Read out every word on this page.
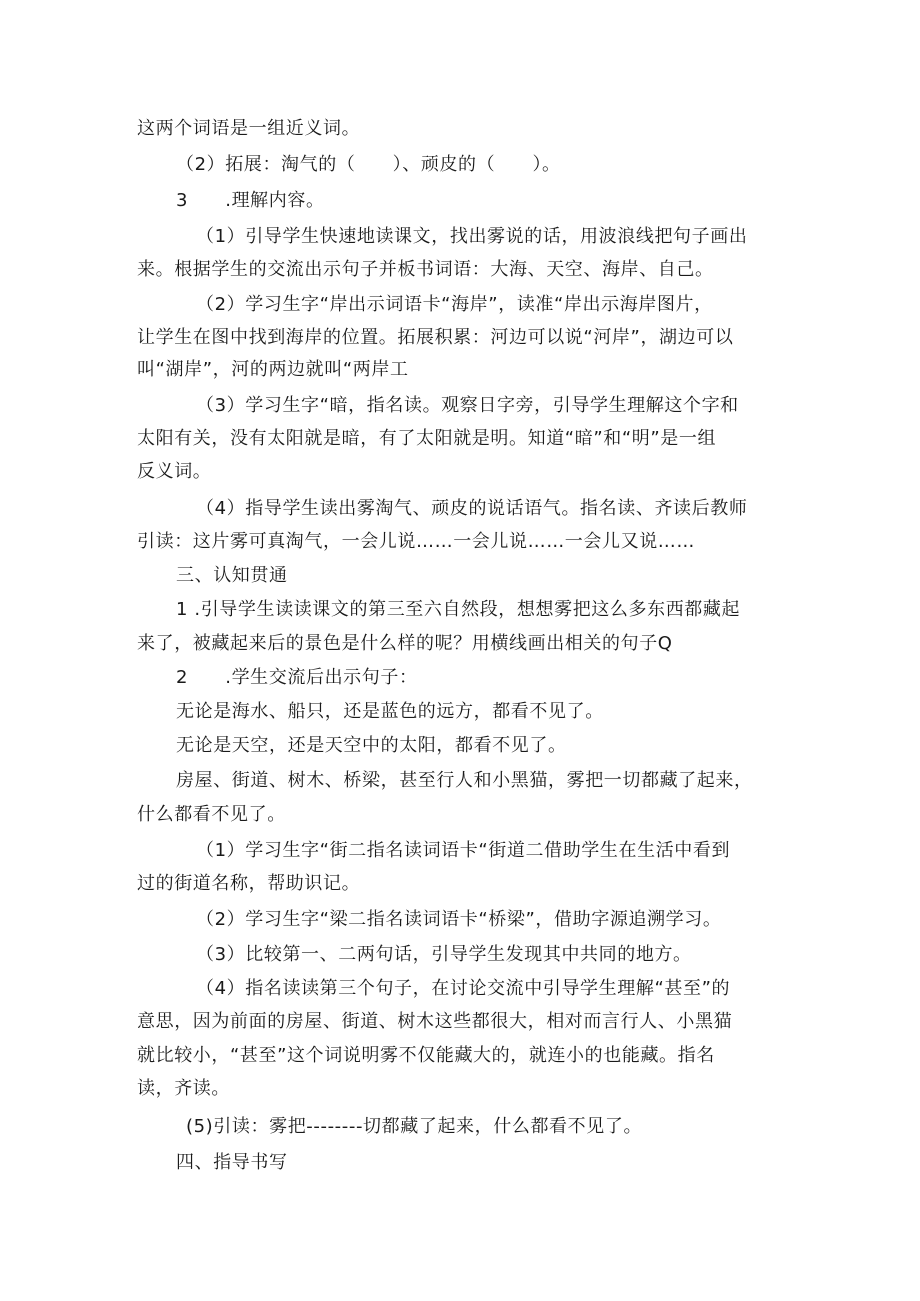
这两个词语是一组近义词。
（2）拓展：淘气的（　　）、顽皮的（　　）。
3　　.理解内容。
（1）引导学生快速地读课文，找出雾说的话，用波浪线把句子画出
来。根据学生的交流出示句子并板书词语：大海、天空、海岸、自己。
（2）学习生字“岸出示词语卡“海岸”，读准“岸出示海岸图片，
让学生在图中找到海岸的位置。拓展积累：河边可以说“河岸”，湖边可以
叫“湖岸”，河的两边就叫“两岸工
（3）学习生字“暗，指名读。观察日字旁，引导学生理解这个字和
太阳有关，没有太阳就是暗，有了太阳就是明。知道“暗”和“明”是一组
反义词。
（4）指导学生读出雾淘气、顽皮的说话语气。指名读、齐读后教师
引读：这片雾可真淘气，一会儿说……一会儿说……一会儿又说……
三、认知贯通
1 .引导学生读读课文的第三至六自然段，想想雾把这么多东西都藏起
来了，被藏起来后的景色是什么样的呢？用横线画出相关的句子Q
2　　.学生交流后出示句子：
无论是海水、船只，还是蓝色的远方，都看不见了。
无论是天空，还是天空中的太阳，都看不见了。
房屋、街道、树木、桥梁，甚至行人和小黑猫，雾把一切都藏了起来，
什么都看不见了。
（1）学习生字“街二指名读词语卡“街道二借助学生在生活中看到
过的街道名称，帮助识记。
（2）学习生字“梁二指名读词语卡“桥梁”，借助字源追溯学习。
（3）比较第一、二两句话，引导学生发现其中共同的地方。
（4）指名读读第三个句子，在讨论交流中引导学生理解“甚至”的
意思，因为前面的房屋、街道、树木这些都很大，相对而言行人、小黑猫
就比较小，“甚至”这个词说明雾不仅能藏大的，就连小的也能藏。指名
读，齐读。
(5)引读：雾把--------切都藏了起来，什么都看不见了。
四、指导书写
